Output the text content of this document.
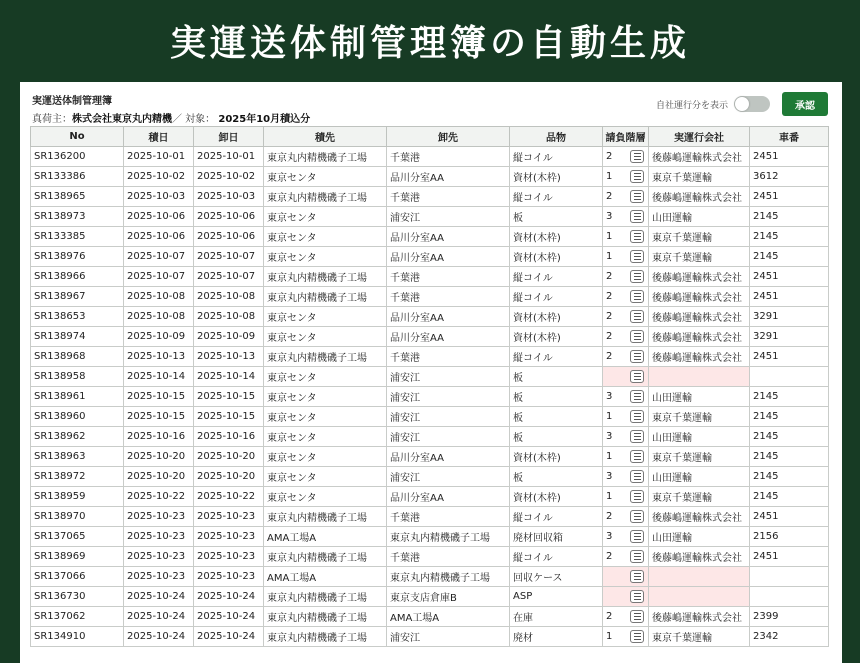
実運送体制管理簿の自動生成
実運送体制管理簿
真荷主：株式会社東京丸内精機／ 対象： 2025年10月積込分
自社運行分を表示	承認
No	積日	卸日	積先	卸先	品物	請負階層	実運行会社	車番
SR136200	2025-10-01	2025-10-01	東京丸内精機磯子工場	千葉港	縦コイル	2	後藤嶋運輸株式会社	2451
SR133386	2025-10-02	2025-10-02	東京センタ	品川分室AA	資材(木枠)	1	東京千葉運輸	3612
SR138965	2025-10-03	2025-10-03	東京丸内精機磯子工場	千葉港	縦コイル	2	後藤嶋運輸株式会社	2451
SR138973	2025-10-06	2025-10-06	東京センタ	浦安江	板	3	山田運輸	2145
SR133385	2025-10-06	2025-10-06	東京センタ	品川分室AA	資材(木枠)	1	東京千葉運輸	2145
SR138976	2025-10-07	2025-10-07	東京センタ	品川分室AA	資材(木枠)	1	東京千葉運輸	2145
SR138966	2025-10-07	2025-10-07	東京丸内精機磯子工場	千葉港	縦コイル	2	後藤嶋運輸株式会社	2451
SR138967	2025-10-08	2025-10-08	東京丸内精機磯子工場	千葉港	縦コイル	2	後藤嶋運輸株式会社	2451
SR138653	2025-10-08	2025-10-08	東京センタ	品川分室AA	資材(木枠)	2	後藤嶋運輸株式会社	3291
SR138974	2025-10-09	2025-10-09	東京センタ	品川分室AA	資材(木枠)	2	後藤嶋運輸株式会社	3291
SR138968	2025-10-13	2025-10-13	東京丸内精機磯子工場	千葉港	縦コイル	2	後藤嶋運輸株式会社	2451
SR138958	2025-10-14	2025-10-14	東京センタ	浦安江	板	

SR138961	2025-10-15	2025-10-15	東京センタ	浦安江	板	3	山田運輸	2145
SR138960	2025-10-15	2025-10-15	東京センタ	浦安江	板	1	東京千葉運輸	2145
SR138962	2025-10-16	2025-10-16	東京センタ	浦安江	板	3	山田運輸	2145
SR138963	2025-10-20	2025-10-20	東京センタ	品川分室AA	資材(木枠)	1	東京千葉運輸	2145
SR138972	2025-10-20	2025-10-20	東京センタ	浦安江	板	3	山田運輸	2145
SR138959	2025-10-22	2025-10-22	東京センタ	品川分室AA	資材(木枠)	1	東京千葉運輸	2145
SR138970	2025-10-23	2025-10-23	東京丸内精機磯子工場	千葉港	縦コイル	2	後藤嶋運輸株式会社	2451
SR137065	2025-10-23	2025-10-23	AMA工場A	東京丸内精機磯子工場	廃材回収箱	3	山田運輸	2156
SR138969	2025-10-23	2025-10-23	東京丸内精機磯子工場	千葉港	縦コイル	2	後藤嶋運輸株式会社	2451
SR137066	2025-10-23	2025-10-23	AMA工場A	東京丸内精機磯子工場	回収ケース	

SR136730	2025-10-24	2025-10-24	東京丸内精機磯子工場	東京支店倉庫B	ASP	

SR137062	2025-10-24	2025-10-24	東京丸内精機磯子工場	AMA工場A	在庫	2	後藤嶋運輸株式会社	2399
SR134910	2025-10-24	2025-10-24	東京丸内精機磯子工場	浦安江	廃材	1	東京千葉運輸	2342
